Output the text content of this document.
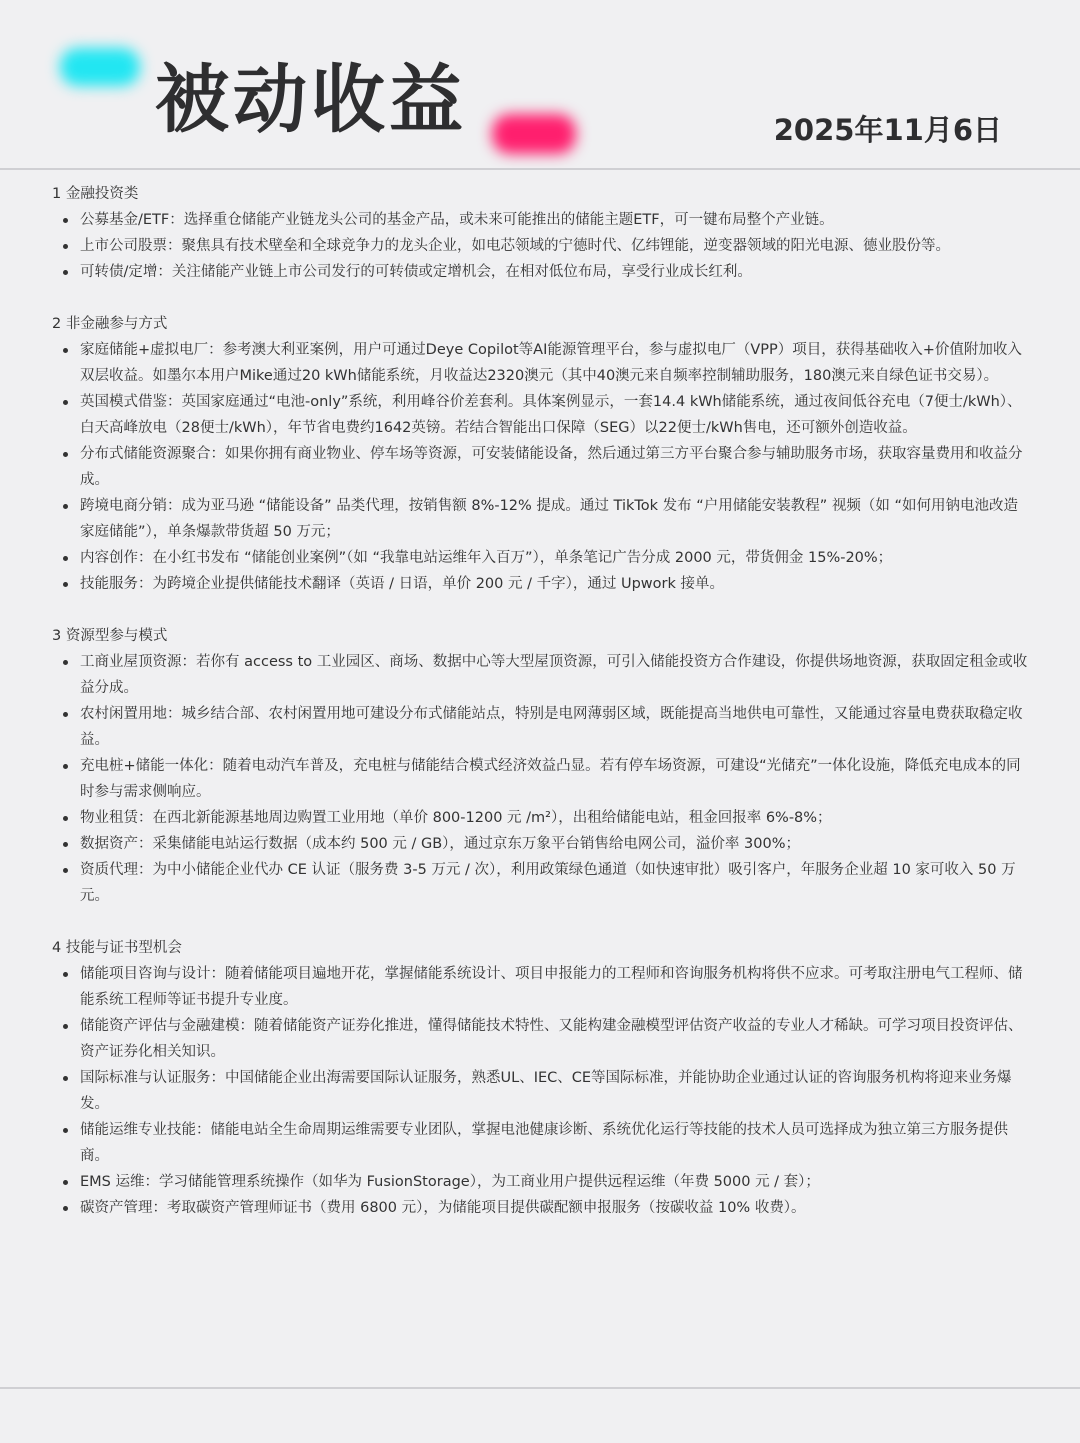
被动收益	2025年11月6日

1 金融投资类

公募基金/ETF：选择重仓储能产业链龙头公司的基金产品，或未来可能推出的储能主题ETF，可一键布局整个产业链。
上市公司股票：聚焦具有技术壁垒和全球竞争力的龙头企业，如电芯领域的宁德时代、亿纬锂能，逆变器领域的阳光电源、德业股份等。
可转债/定增：关注储能产业链上市公司发行的可转债或定增机会，在相对低位布局，享受行业成长红利。

2 非金融参与方式

家庭储能+虚拟电厂：参考澳大利亚案例，用户可通过Deye Copilot等AI能源管理平台，参与虚拟电厂（VPP）项目，获得基础收入+价值附加收入双层收益。如墨尔本用户Mike通过20 kWh储能系统，月收益达2320澳元（其中40澳元来自频率控制辅助服务，180澳元来自绿色证书交易）。
英国模式借鉴：英国家庭通过“电池-only”系统，利用峰谷价差套利。具体案例显示，一套14.4 kWh储能系统，通过夜间低谷充电（7便士/kWh）、白天高峰放电（28便士/kWh），年节省电费约1642英镑。若结合智能出口保障（SEG）以22便士/kWh售电，还可额外创造收益。
分布式储能资源聚合：如果你拥有商业物业、停车场等资源，可安装储能设备，然后通过第三方平台聚合参与辅助服务市场，获取容量费用和收益分成。
跨境电商分销：成为亚马逊 “储能设备” 品类代理，按销售额 8%-12% 提成。通过 TikTok 发布 “户用储能安装教程” 视频（如 “如何用钠电池改造家庭储能”），单条爆款带货超 50 万元；
内容创作：在小红书发布 “储能创业案例”（如 “我靠电站运维年入百万”），单条笔记广告分成 2000 元，带货佣金 15%-20%；
技能服务：为跨境企业提供储能技术翻译（英语 / 日语，单价 200 元 / 千字），通过 Upwork 接单。

3 资源型参与模式

工商业屋顶资源：若你有 access to 工业园区、商场、数据中心等大型屋顶资源，可引入储能投资方合作建设，你提供场地资源，获取固定租金或收益分成。
农村闲置用地：城乡结合部、农村闲置用地可建设分布式储能站点，特别是电网薄弱区域，既能提高当地供电可靠性，又能通过容量电费获取稳定收益。
充电桩+储能一体化：随着电动汽车普及，充电桩与储能结合模式经济效益凸显。若有停车场资源，可建设“光储充”一体化设施，降低充电成本的同时参与需求侧响应。
物业租赁：在西北新能源基地周边购置工业用地（单价 800-1200 元 /m²），出租给储能电站，租金回报率 6%-8%；
数据资产：采集储能电站运行数据（成本约 500 元 / GB），通过京东万象平台销售给电网公司，溢价率 300%；
资质代理：为中小储能企业代办 CE 认证（服务费 3-5 万元 / 次），利用政策绿色通道（如快速审批）吸引客户，年服务企业超 10 家可收入 50 万元。

4 技能与证书型机会

储能项目咨询与设计：随着储能项目遍地开花，掌握储能系统设计、项目申报能力的工程师和咨询服务机构将供不应求。可考取注册电气工程师、储能系统工程师等证书提升专业度。
储能资产评估与金融建模：随着储能资产证券化推进，懂得储能技术特性、又能构建金融模型评估资产收益的专业人才稀缺。可学习项目投资评估、资产证券化相关知识。
国际标准与认证服务：中国储能企业出海需要国际认证服务，熟悉UL、IEC、CE等国际标准，并能协助企业通过认证的咨询服务机构将迎来业务爆发。
储能运维专业技能：储能电站全生命周期运维需要专业团队，掌握电池健康诊断、系统优化运行等技能的技术人员可选择成为独立第三方服务提供商。
EMS 运维：学习储能管理系统操作（如华为 FusionStorage），为工商业用户提供远程运维（年费 5000 元 / 套）；
碳资产管理：考取碳资产管理师证书（费用 6800 元），为储能项目提供碳配额申报服务（按碳收益 10% 收费）。
